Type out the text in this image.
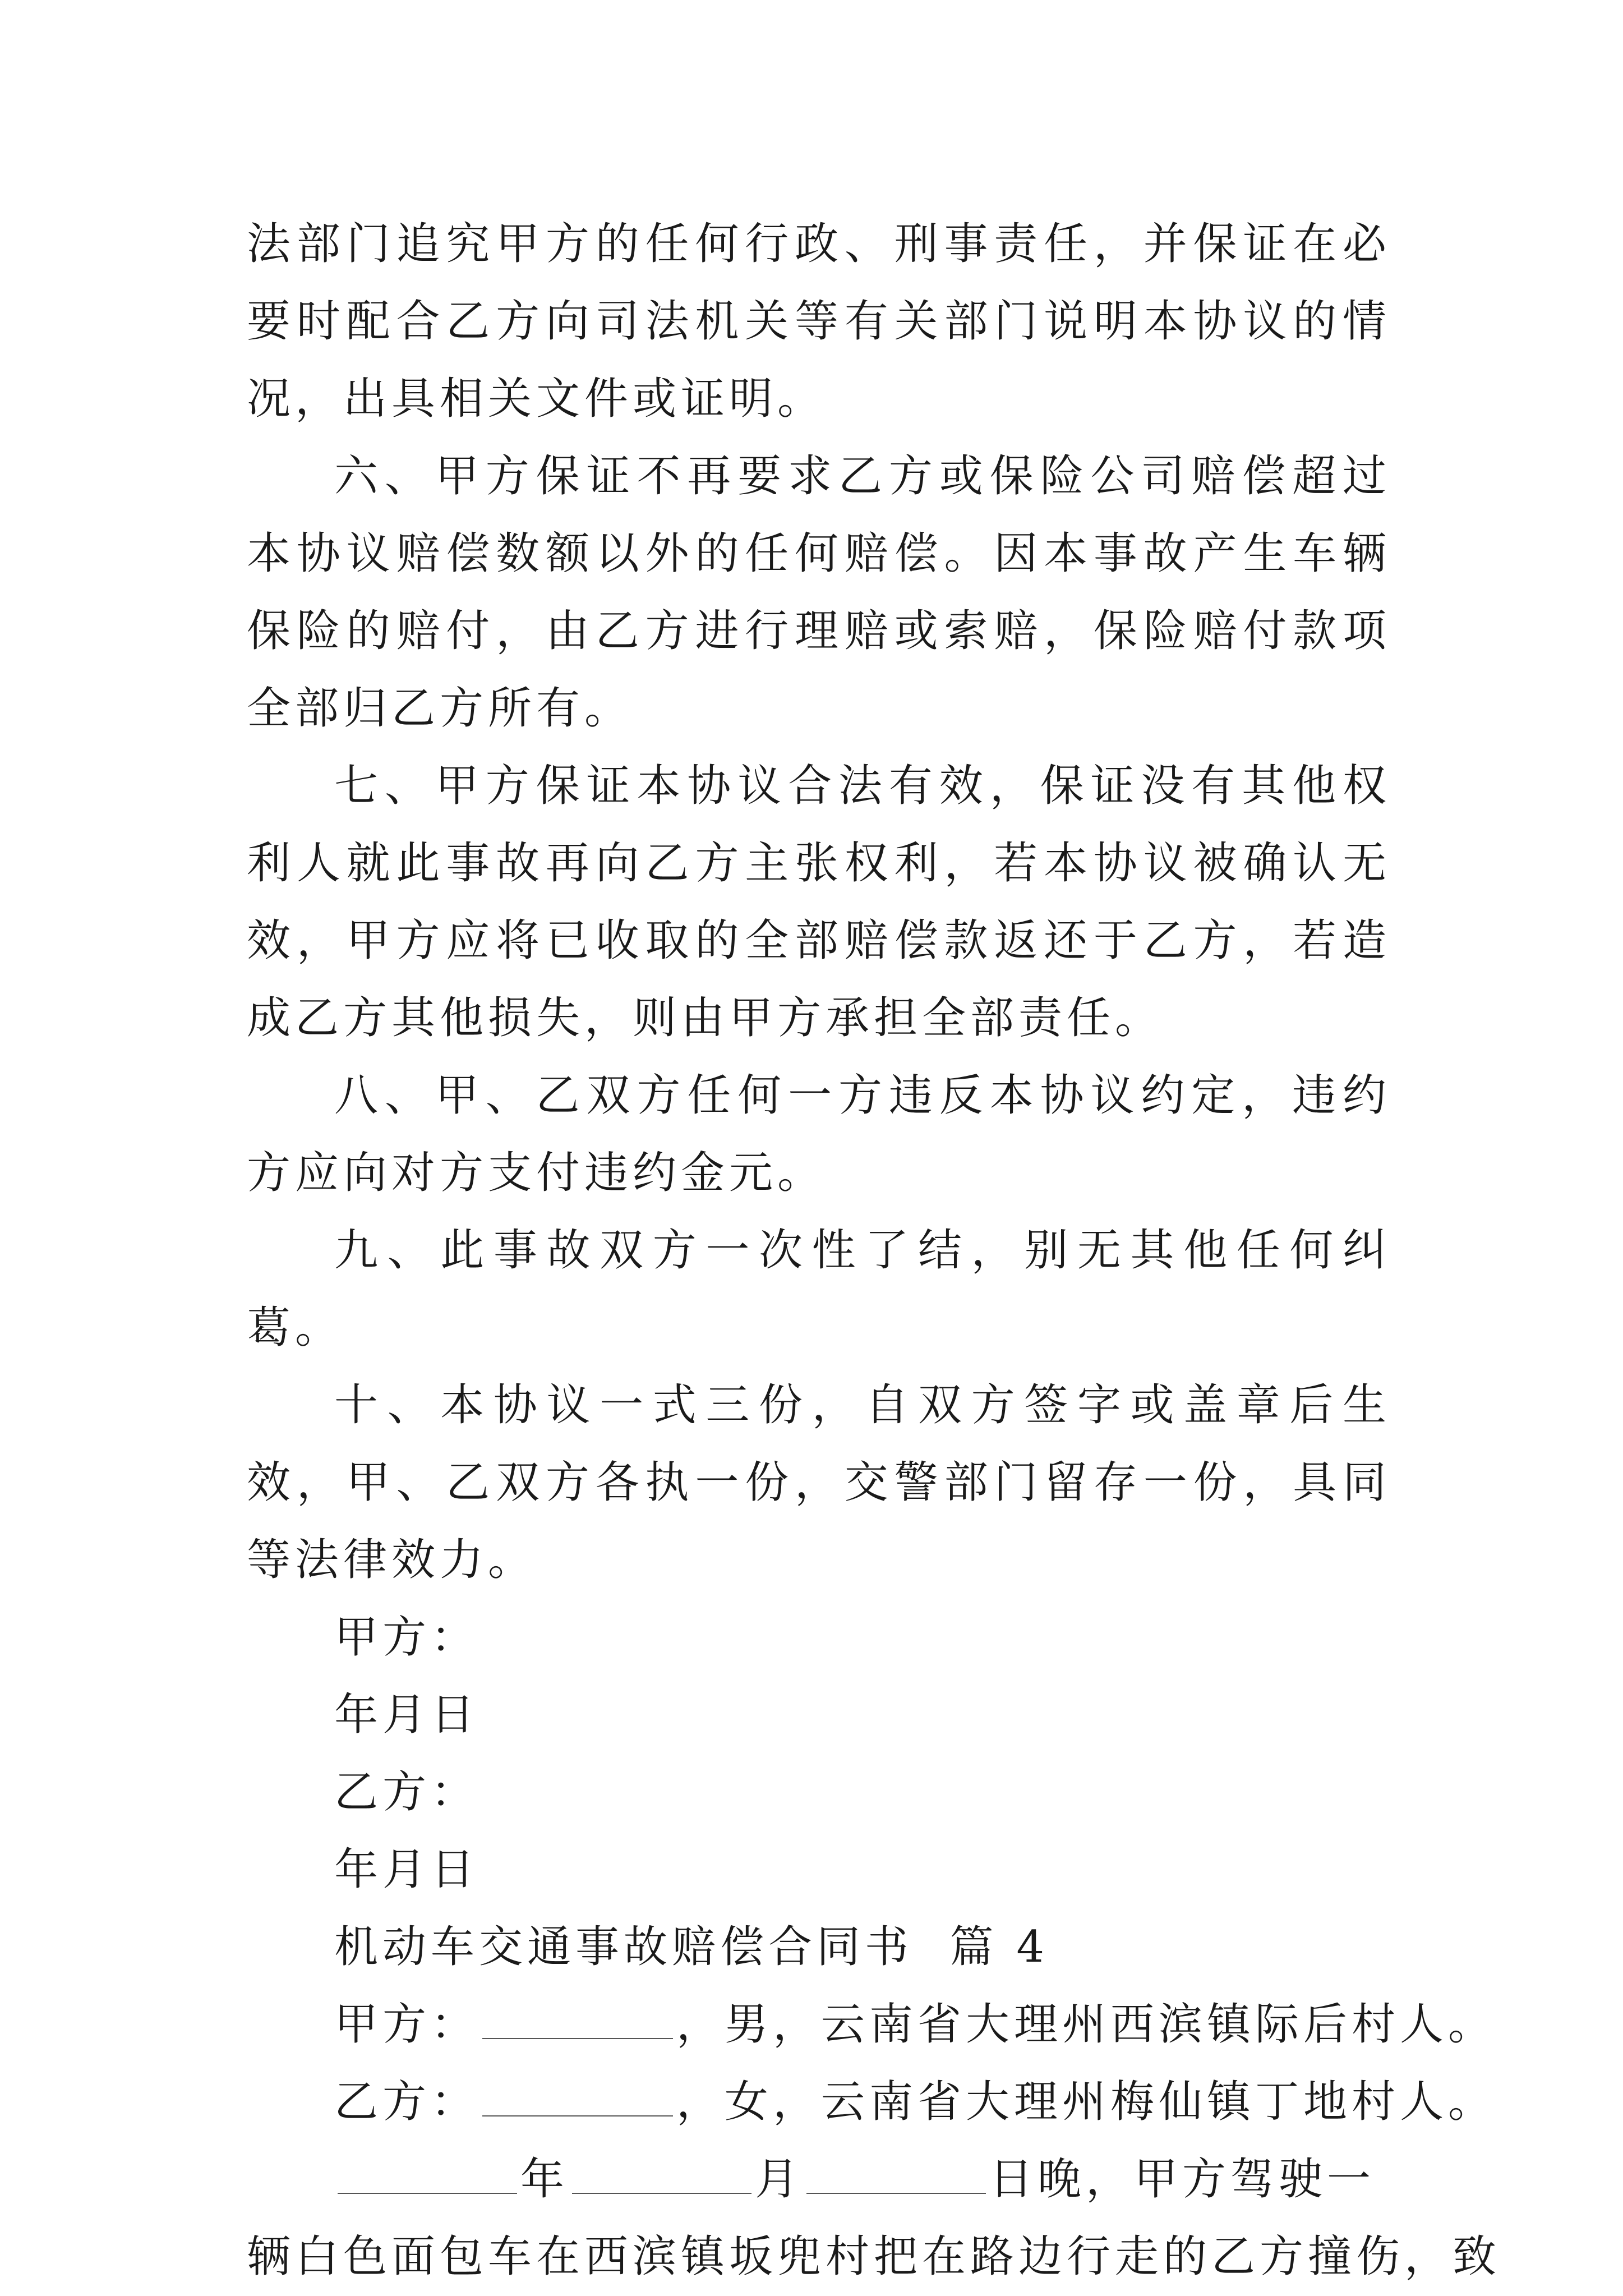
法部门追究甲方的任何行政、刑事责任，并保证在必要时配合乙方向司法机关等有关部门说明本协议的情况，出具相关文件或证明。

六、甲方保证不再要求乙方或保险公司赔偿超过本协议赔偿数额以外的任何赔偿。因本事故产生车辆保险的赔付，由乙方进行理赔或索赔，保险赔付款项全部归乙方所有。

七、甲方保证本协议合法有效，保证没有其他权利人就此事故再向乙方主张权利，若本协议被确认无效，甲方应将已收取的全部赔偿款返还于乙方，若造成乙方其他损失，则由甲方承担全部责任。

八、甲、乙双方任何一方违反本协议约定，违约方应向对方支付违约金元。

九、此事故双方一次性了结，别无其他任何纠葛。

十、本协议一式三份，自双方签字或盖章后生效，甲、乙双方各执一份，交警部门留存一份，具同等法律效力。

甲方：

年月日

乙方：

年月日

机动车交通事故赔偿合同书  篇 4

甲方：	，男，云南省大理州西滨镇际后村人。

乙方：	，女，云南省大理州梅仙镇丁地村人。

年	月	日晚，甲方驾驶一

辆白色面包车在西滨镇坂兜村把在路边行走的乙方撞伤，致
